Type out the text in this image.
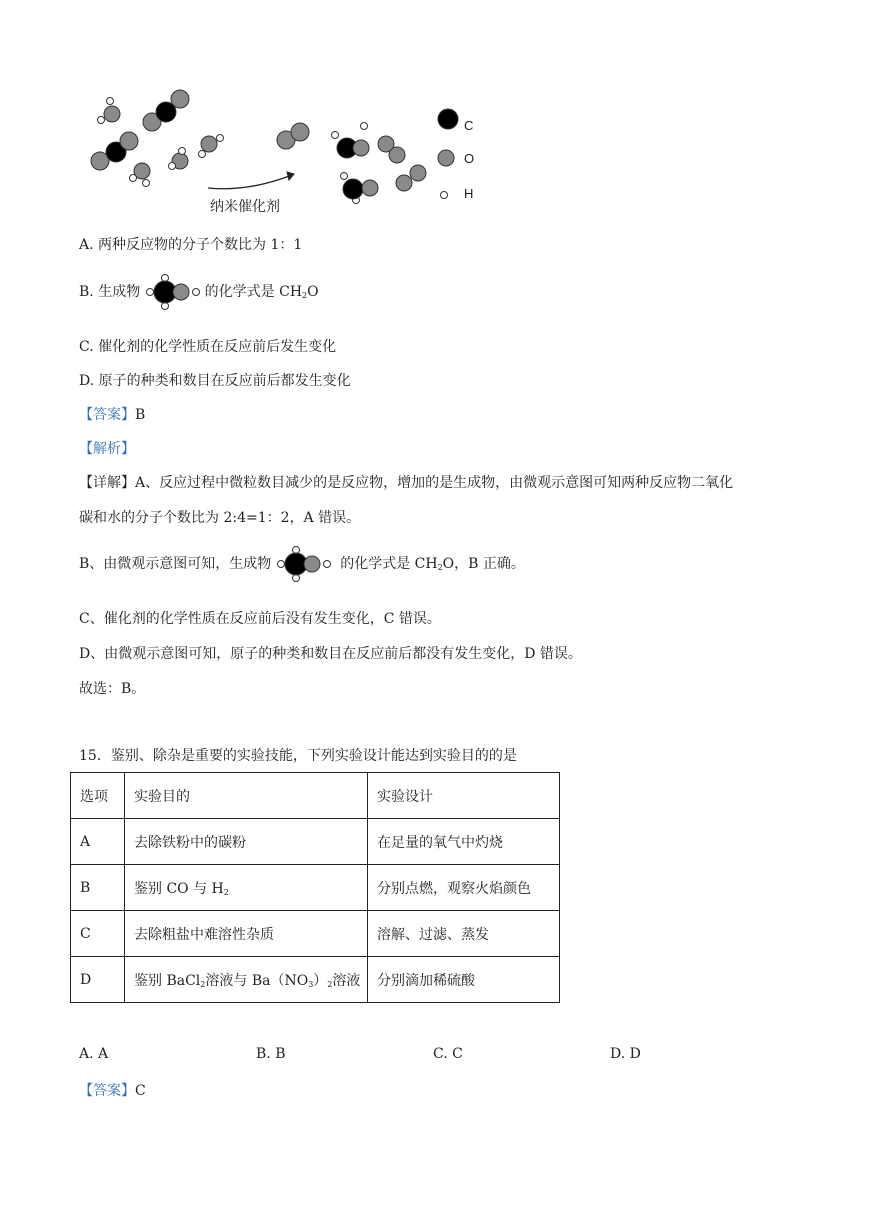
纳米催化剂
C
O
H
A. 两种反应物的分子个数比为 1：1
B. 生成物	的化学式是 $CH_2O$
C. 催化剂的化学性质在反应前后发生变化
D. 原子的种类和数目在反应前后都发生变化
【答案】B
【解析】
【详解】A、反应过程中微粒数目减少的是反应物，增加的是生成物，由微观示意图可知两种反应物二氧化
碳和水的分子个数比为 2:4=1：2，A 错误。
B、由微观示意图可知，生成物	的化学式是 $CH_2O$，B 正确。
C、催化剂的化学性质在反应前后没有发生变化，C 错误。
D、由微观示意图可知，原子的种类和数目在反应前后都没有发生变化，D 错误。
故选：B。
15．鉴别、除杂是重要的实验技能，下列实验设计能达到实验目的的是
选项	实验目的	实验设计
A	去除铁粉中的碳粉	在足量的氧气中灼烧
B	鉴别 CO 与 $H_2$	分别点燃，观察火焰颜色
C	去除粗盐中难溶性杂质	溶解、过滤、蒸发
D	鉴别 BaCl$_2$溶液与 $Ba(NO_3)_2$溶液	分别滴加稀硫酸
A. A	B. B	C. C	D. D
【答案】C
